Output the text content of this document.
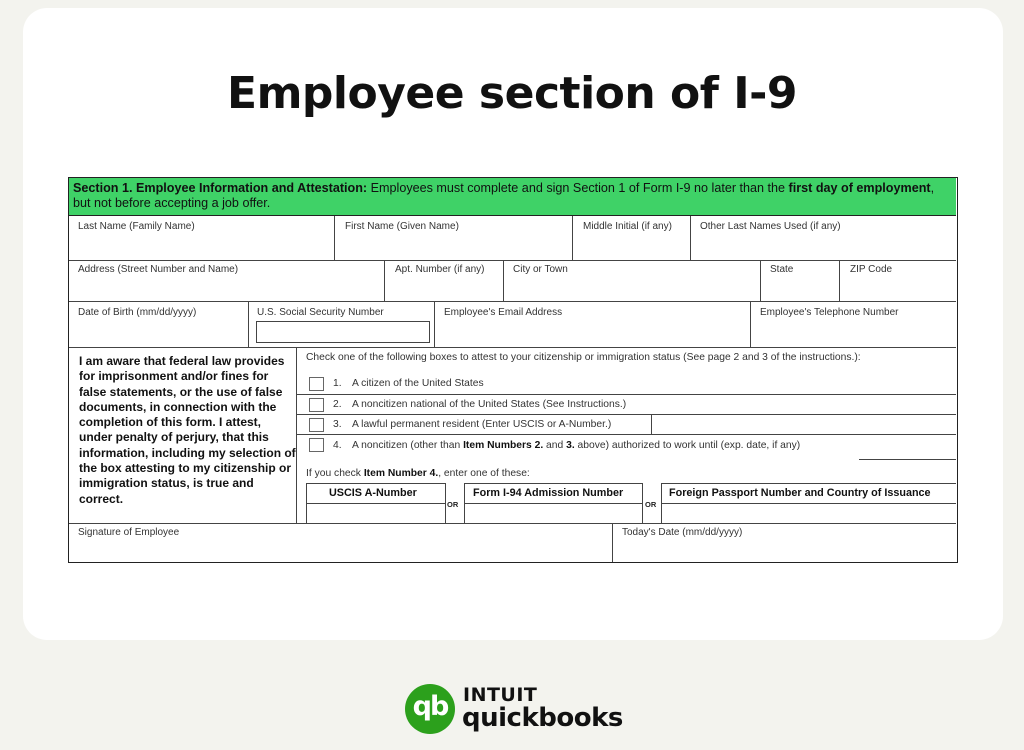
Employee section of I-9
Section 1. Employee Information and Attestation: Employees must complete and sign Section 1 of Form I-9 no later than the first day of employment, but not before accepting a job offer.
Last Name (Family Name)	First Name (Given Name)	Middle Initial (if any)	Other Last Names Used (if any)
Address (Street Number and Name)	Apt. Number (if any)	City or Town	State	ZIP Code
Date of Birth (mm/dd/yyyy)	U.S. Social Security Number	Employee's Email Address	Employee's Telephone Number
I am aware that federal law provides for imprisonment and/or fines for false statements, or the use of false documents, in connection with the completion of this form. I attest, under penalty of perjury, that this information, including my selection of the box attesting to my citizenship or immigration status, is true and correct.
Check one of the following boxes to attest to your citizenship or immigration status (See page 2 and 3 of the instructions.):
1. A citizen of the United States
2. A noncitizen national of the United States (See Instructions.)
3. A lawful permanent resident (Enter USCIS or A-Number.)
4. A noncitizen (other than Item Numbers 2. and 3. above) authorized to work until (exp. date, if any)
If you check Item Number 4., enter one of these:
USCIS A-Number
OR
Form I-94 Admission Number
OR
Foreign Passport Number and Country of Issuance
Signature of Employee	Today's Date (mm/dd/yyyy)
qb INTUIT
quickbooks
